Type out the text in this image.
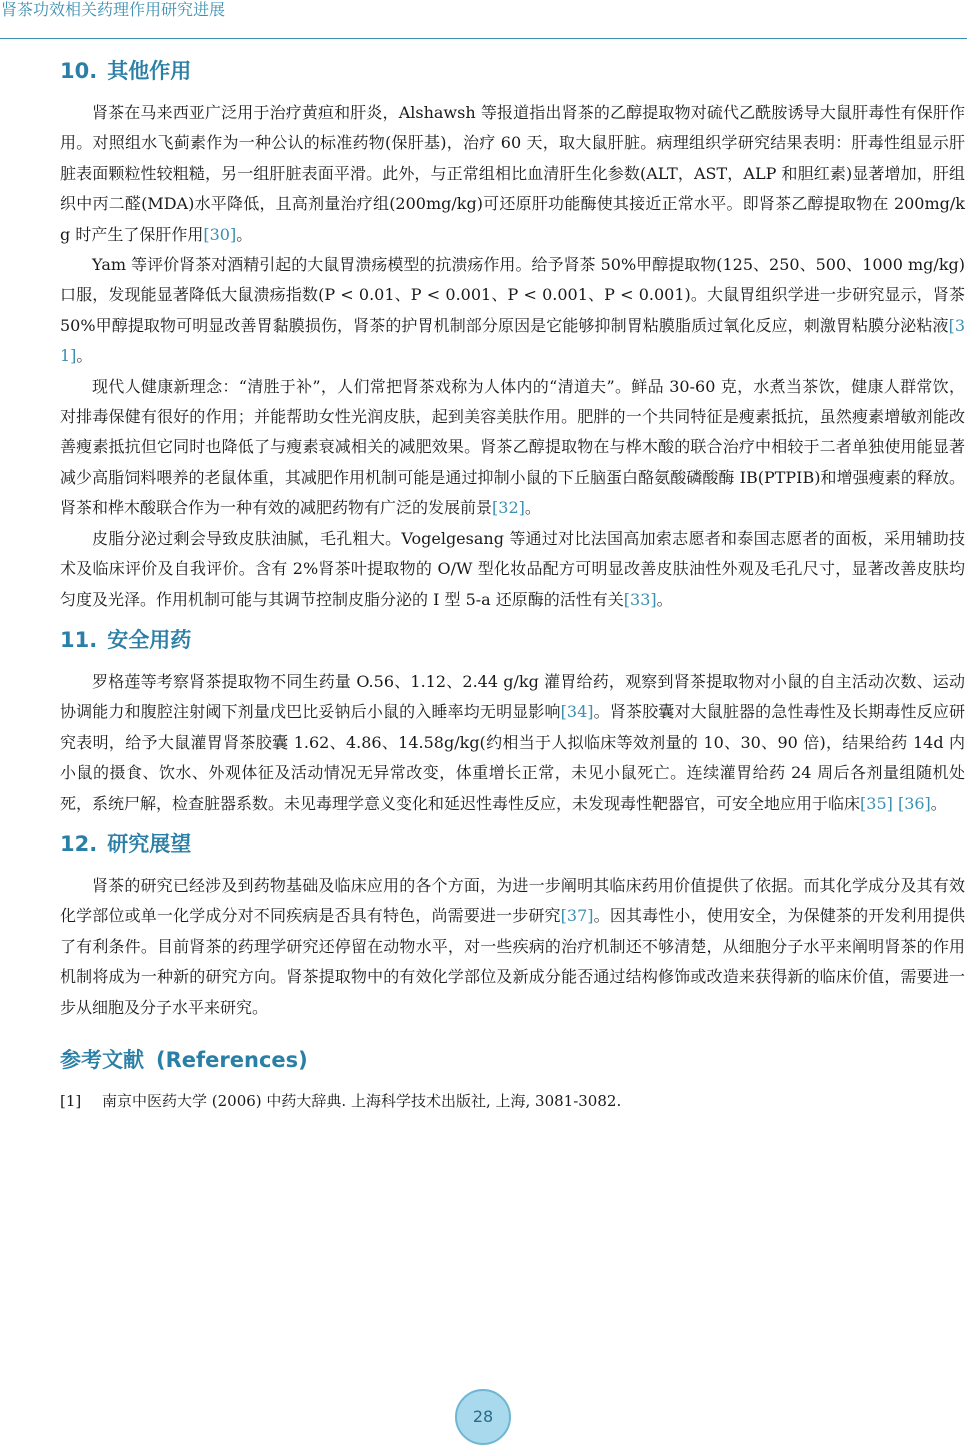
肾茶功效相关药理作用研究进展
10. 其他作用

肾茶在马来西亚广泛用于治疗黄疸和肝炎，Alshawsh 等报道指出肾茶的乙醇提取物对硫代乙酰胺诱导大鼠肝毒性有保肝作用。对照组水飞蓟素作为一种公认的标准药物(保肝基)，治疗 60 天，取大鼠肝脏。病理组织学研究结果表明：肝毒性组显示肝脏表面颗粒性较粗糙，另一组肝脏表面平滑。此外，与正常组相比血清肝生化参数(ALT，AST，ALP 和胆红素)显著增加，肝组织中丙二醛(MDA)水平降低，且高剂量治疗组(200mg/kg)可还原肝功能酶使其接近正常水平。即肾茶乙醇提取物在 200mg/kg 时产生了保肝作用[30]。

Yam 等评价肾茶对酒精引起的大鼠胃溃疡模型的抗溃疡作用。给予肾茶 50%甲醇提取物(125、250、500、1000 mg/kg)口服，发现能显著降低大鼠溃疡指数(P < 0.01、P < 0.001、P < 0.001、P < 0.001)。大鼠胃组织学进一步研究显示，肾茶 50%甲醇提取物可明显改善胃黏膜损伤，肾茶的护胃机制部分原因是它能够抑制胃粘膜脂质过氧化反应，刺激胃粘膜分泌粘液[31]。

现代人健康新理念：“清胜于补”，人们常把肾茶戏称为人体内的“清道夫”。鲜品 30-60 克，水煮当茶饮，健康人群常饮，对排毒保健有很好的作用；并能帮助女性光润皮肤，起到美容美肤作用。肥胖的一个共同特征是瘦素抵抗，虽然瘦素增敏剂能改善瘦素抵抗但它同时也降低了与瘦素衰减相关的减肥效果。肾茶乙醇提取物在与桦木酸的联合治疗中相较于二者单独使用能显著减少高脂饲料喂养的老鼠体重，其减肥作用机制可能是通过抑制小鼠的下丘脑蛋白酪氨酸磷酸酶 IB(PTPIB)和增强瘦素的释放。肾茶和桦木酸联合作为一种有效的减肥药物有广泛的发展前景[32]。

皮脂分泌过剩会导致皮肤油腻，毛孔粗大。Vogelgesang 等通过对比法国高加索志愿者和泰国志愿者的面板，采用辅助技术及临床评价及自我评价。含有 2%肾茶叶提取物的 O/W 型化妆品配方可明显改善皮肤油性外观及毛孔尺寸，显著改善皮肤均匀度及光泽。作用机制可能与其调节控制皮脂分泌的 I 型 5-a 还原酶的活性有关[33]。

11. 安全用药

罗格莲等考察肾茶提取物不同生药量 O.56、1.12、2.44 g/kg 灌胃给药，观察到肾茶提取物对小鼠的自主活动次数、运动协调能力和腹腔注射阈下剂量戊巴比妥钠后小鼠的入睡率均无明显影响[34]。肾茶胶囊对大鼠脏器的急性毒性及长期毒性反应研究表明，给予大鼠灌胃肾茶胶囊 1.62、4.86、14.58g/kg(约相当于人拟临床等效剂量的 10、30、90 倍)，结果给药 14d 内小鼠的摄食、饮水、外观体征及活动情况无异常改变，体重增长正常，未见小鼠死亡。连续灌胃给药 24 周后各剂量组随机处死，系统尸解，检查脏器系数。未见毒理学意义变化和延迟性毒性反应，未发现毒性靶器官，可安全地应用于临床[35] [36]。

12. 研究展望

肾茶的研究已经涉及到药物基础及临床应用的各个方面，为进一步阐明其临床药用价值提供了依据。而其化学成分及其有效化学部位或单一化学成分对不同疾病是否具有特色，尚需要进一步研究[37]。因其毒性小，使用安全，为保健茶的开发利用提供了有利条件。目前肾茶的药理学研究还停留在动物水平，对一些疾病的治疗机制还不够清楚，从细胞分子水平来阐明肾茶的作用机制将成为一种新的研究方向。肾茶提取物中的有效化学部位及新成分能否通过结构修饰或改造来获得新的临床价值，需要进一步从细胞及分子水平来研究。

参考文献 (References)
[1]	南京中医药大学 (2006) 中药大辞典. 上海科学技术出版社, 上海, 3081-3082.
28
